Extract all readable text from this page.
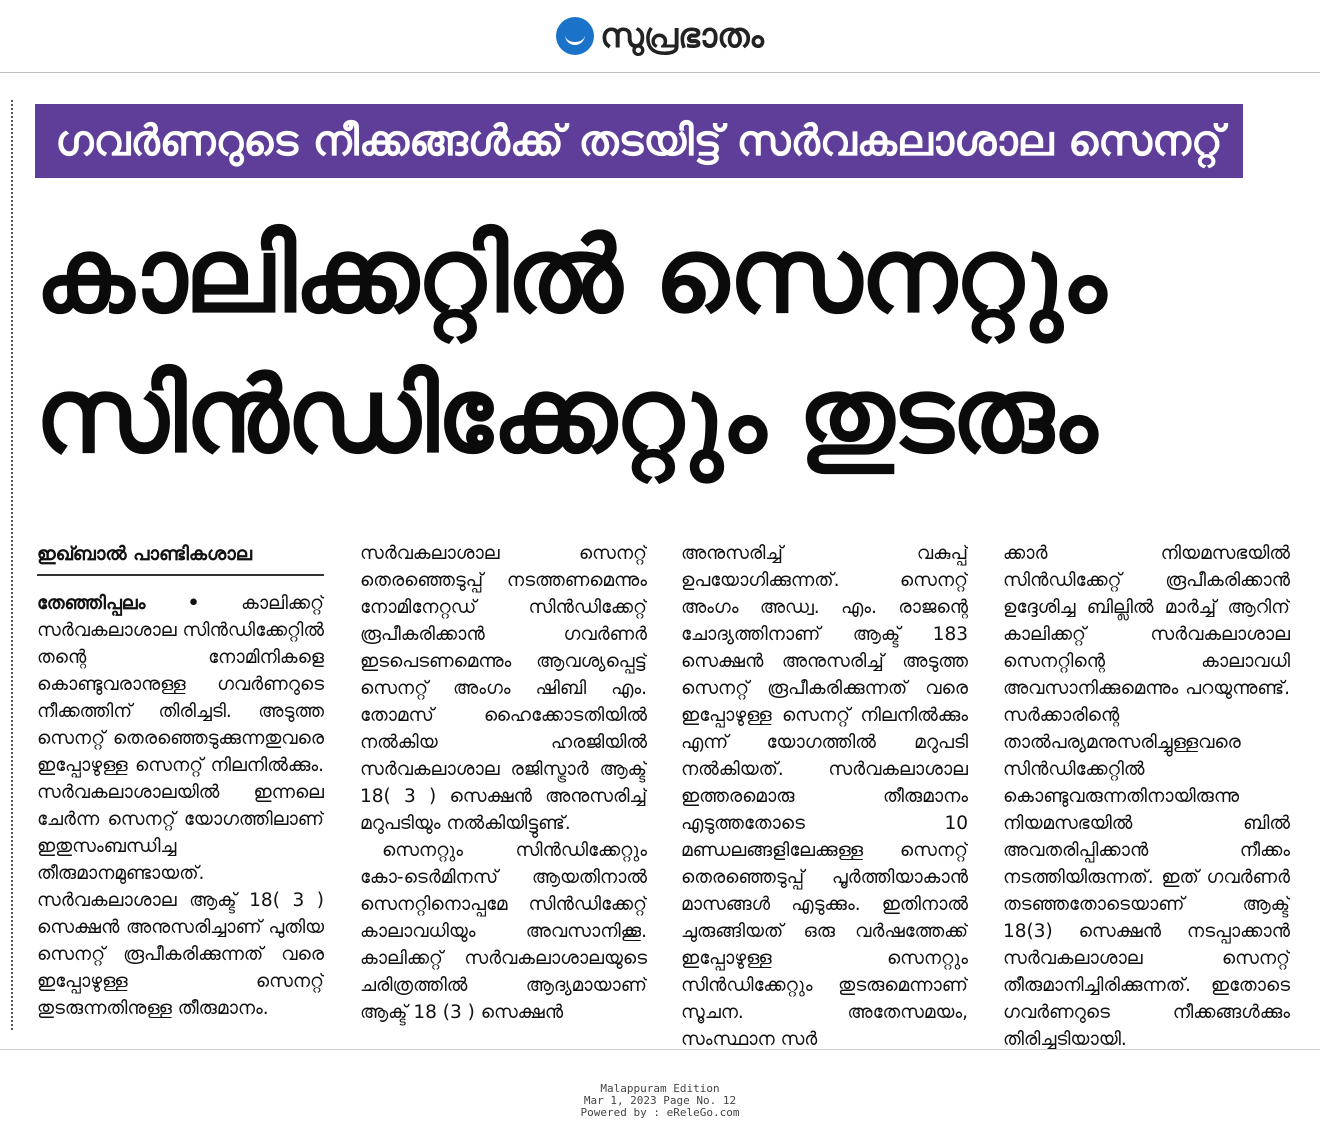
സുപ്രഭാതം
ഗവർണറുടെ നീക്കങ്ങൾക്ക് തടയിട്ട് സർവകലാശാല സെനറ്റ്
കാലിക്കറ്റിൽ സെനറ്റും
സിൻഡിക്കേറ്റും തുടരും
ഇഖ്ബാൽ പാണ്ടികശാല

തേഞ്ഞിപ്പലം • കാലിക്കറ്റ് സർവകലാശാല സിൻഡിക്കേറ്റിൽ തന്റെ നോമിനികളെ കൊണ്ടുവരാനുള്ള ഗവർണറുടെ നീക്കത്തിന് തിരിച്ചടി. അടുത്ത സെനറ്റ് തെരഞ്ഞെടുക്കുന്നതുവരെ ഇപ്പോഴുള്ള സെനറ്റ് നിലനിൽക്കും. സർവകലാശാലയിൽ ഇന്നലെ ചേർന്ന സെനറ്റ് യോഗത്തിലാണ് ഇതുസംബന്ധിച്ച തീരുമാനമുണ്ടായത്. സർവകലാശാല ആക്ട് 18( 3 ) സെക്ഷൻ അനുസരിച്ചാണ് പുതിയ സെനറ്റ് രൂപീകരിക്കുന്നത് വരെ ഇപ്പോഴുള്ള സെനറ്റ് തുടരുന്നതിനുള്ള തീരുമാനം.

സർവകലാശാല സെനറ്റ് തെരഞ്ഞെടുപ്പ് നടത്തണമെന്നും നോമിനേറ്റഡ് സിൻഡിക്കേറ്റ് രൂപീകരിക്കാൻ ഗവർണർ ഇടപെടണമെന്നും ആവശ്യപ്പെട്ട് സെനറ്റ് അംഗം ഷിബി എം. തോമസ് ഹൈക്കോടതിയിൽ നൽകിയ ഹരജിയിൽ സർവകലാശാല രജിസ്ട്രാർ ആക്ട് 18( 3 ) സെക്ഷൻ അനുസരിച്ച് മറുപടിയും നൽകിയിട്ടുണ്ട്.

സെനറ്റും സിൻഡിക്കേറ്റും കോ-ടെർമിനസ് ആയതിനാൽ സെനറ്റിനൊപ്പമേ സിൻഡിക്കേറ്റ് കാലാവധിയും അവസാനിക്കൂ. കാലിക്കറ്റ് സർവകലാശാലയുടെ ചരിത്രത്തിൽ ആദ്യമായാണ് ആക്ട് 18 (3 ) സെക്ഷൻ

അനുസരിച്ച് വകുപ്പ് ഉപയോഗിക്കുന്നത്. സെനറ്റ് അംഗം അഡ്വ. എം. രാജന്റെ ചോദ്യത്തിനാണ് ആക്ട് 183 സെക്ഷൻ അനുസരിച്ച് അടുത്ത സെനറ്റ് രൂപീകരിക്കുന്നത് വരെ ഇപ്പോഴുള്ള സെനറ്റ് നിലനിൽക്കും എന്ന് യോഗത്തിൽ മറുപടി നൽകിയത്. സർവകലാശാല ഇത്തരമൊരു തീരുമാനം എടുത്തതോടെ 10 മണ്ഡലങ്ങളിലേക്കുള്ള സെനറ്റ് തെരഞ്ഞെടുപ്പ് പൂർത്തിയാകാൻ മാസങ്ങൾ എടുക്കും. ഇതിനാൽ ചുരുങ്ങിയത് ഒരു വർഷത്തേക്ക് ഇപ്പോഴുള്ള സെനറ്റും സിൻഡിക്കേറ്റും തുടരുമെന്നാണ് സൂചന. അതേസമയം, സംസ്ഥാന സർ

ക്കാർ നിയമസഭയിൽ സിൻഡിക്കേറ്റ് രൂപീകരിക്കാൻ ഉദ്ദേശിച്ച ബില്ലിൽ മാർച്ച് ആറിന് കാലിക്കറ്റ് സർവകലാശാല സെനറ്റിന്റെ കാലാവധി അവസാനിക്കുമെന്നും പറയുന്നുണ്ട്. സർക്കാരിന്റെ താൽപര്യമനുസരിച്ചുള്ളവരെ സിൻഡിക്കേറ്റിൽ കൊണ്ടുവരുന്നതിനായിരുന്നു നിയമസഭയിൽ ബിൽ അവതരിപ്പിക്കാൻ നീക്കം നടത്തിയിരുന്നത്. ഇത് ഗവർണർ തടഞ്ഞതോടെയാണ് ആക്ട് 18(3) സെക്ഷൻ നടപ്പാക്കാൻ സർവകലാശാല സെനറ്റ് തീരുമാനിച്ചിരിക്കുന്നത്. ഇതോടെ ഗവർണറുടെ നീക്കങ്ങൾക്കും തിരിച്ചടിയായി.

Malappuram Edition
Mar 1, 2023 Page No. 12
Powered by : eReleGo.com
